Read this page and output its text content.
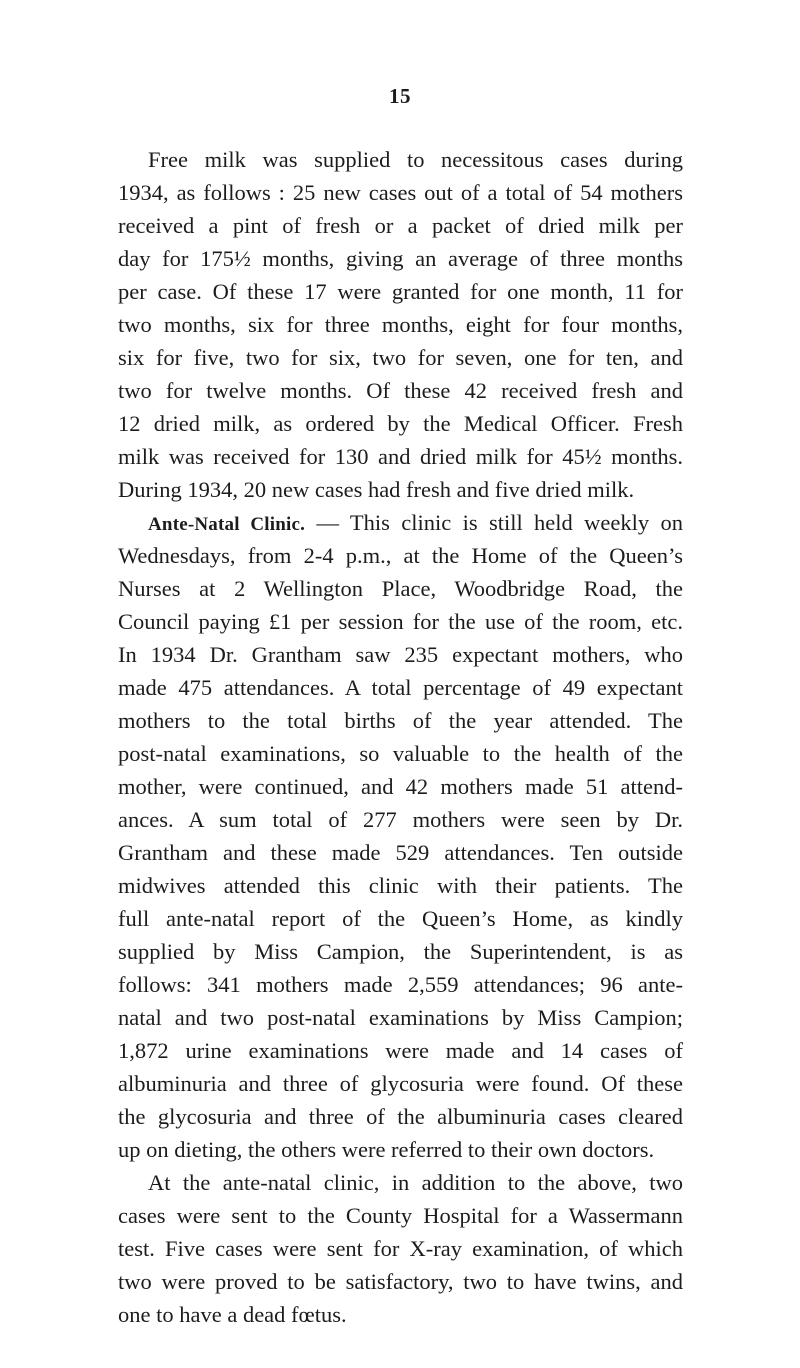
15
Free milk was supplied to necessitous cases during
1934, as follows : 25 new cases out of a total of 54 mothers
received a pint of fresh or a packet of dried milk per
day for 175½ months, giving an average of three months
per case. Of these 17 were granted for one month, 11 for
two months, six for three months, eight for four months,
six for five, two for six, two for seven, one for ten, and
two for twelve months. Of these 42 received fresh and
12 dried milk, as ordered by the Medical Officer. Fresh
milk was received for 130 and dried milk for 45½ months.
During 1934, 20 new cases had fresh and five dried milk.
Ante-Natal Clinic. — This clinic is still held weekly on
Wednesdays, from 2-4 p.m., at the Home of the Queen’s
Nurses at 2 Wellington Place, Woodbridge Road, the
Council paying £1 per session for the use of the room, etc.
In 1934 Dr. Grantham saw 235 expectant mothers, who
made 475 attendances. A total percentage of 49 expectant
mothers to the total births of the year attended. The
post-natal examinations, so valuable to the health of the
mother, were continued, and 42 mothers made 51 attend-
ances. A sum total of 277 mothers were seen by Dr.
Grantham and these made 529 attendances. Ten outside
midwives attended this clinic with their patients. The
full ante-natal report of the Queen’s Home, as kindly
supplied by Miss Campion, the Superintendent, is as
follows: 341 mothers made 2,559 attendances; 96 ante-
natal and two post-natal examinations by Miss Campion;
1,872 urine examinations were made and 14 cases of
albuminuria and three of glycosuria were found. Of these
the glycosuria and three of the albuminuria cases cleared
up on dieting, the others were referred to their own doctors.
At the ante-natal clinic, in addition to the above, two
cases were sent to the County Hospital for a Wassermann
test. Five cases were sent for X-ray examination, of which
two were proved to be satisfactory, two to have twins, and
one to have a dead fœtus.
